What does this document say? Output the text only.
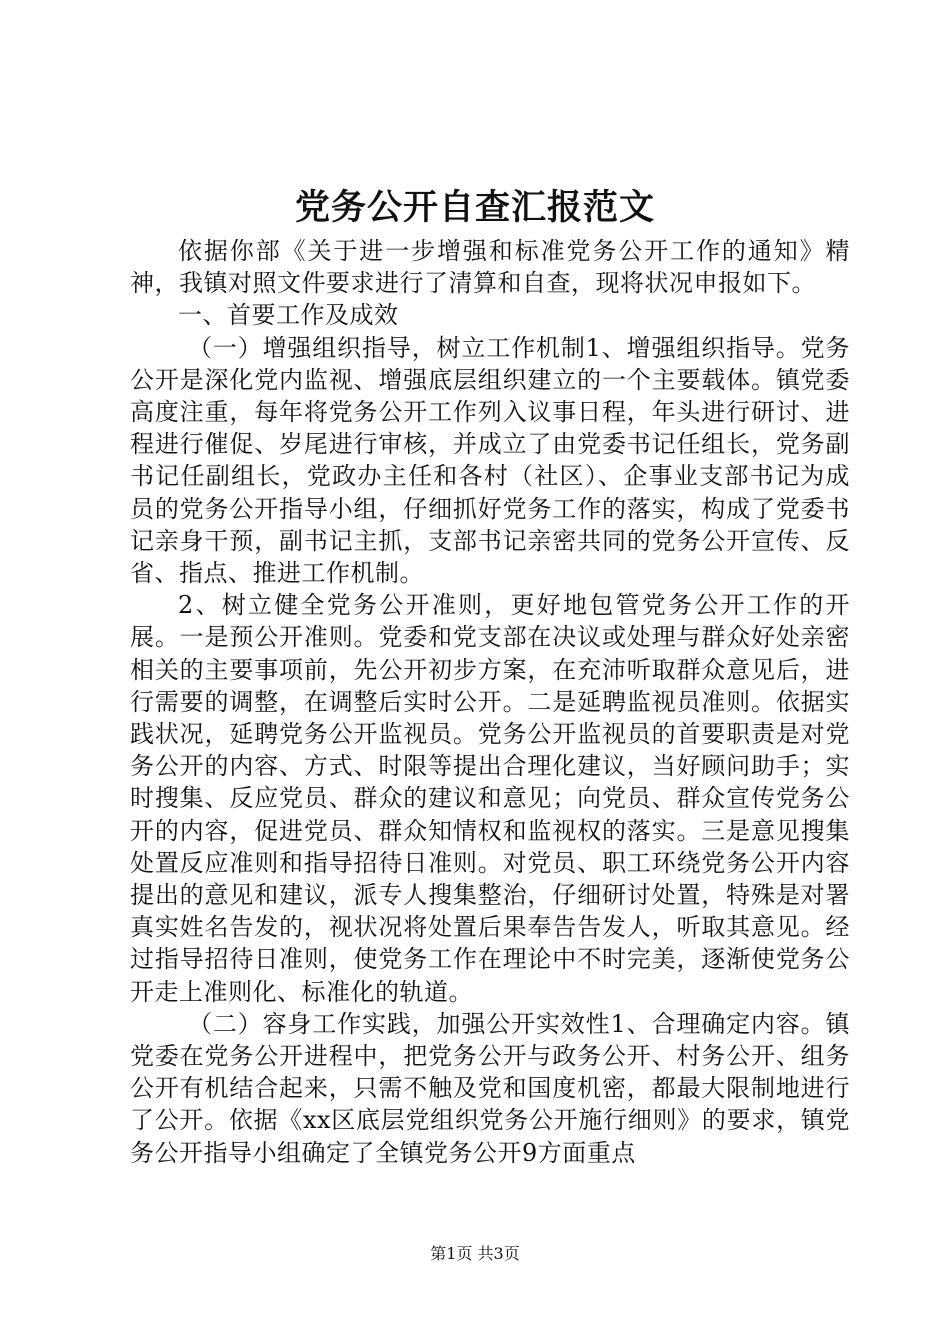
党务公开自查汇报范文

依据你部《关于进一步增强和标准党务公开工作的通知》精神，我镇对照文件要求进行了清算和自查，现将状况申报如下。

一、首要工作及成效

（一）增强组织指导，树立工作机制1、增强组织指导。党务公开是深化党内监视、增强底层组织建立的一个主要载体。镇党委高度注重，每年将党务公开工作列入议事日程，年头进行研讨、进程进行催促、岁尾进行审核，并成立了由党委书记任组长，党务副书记任副组长，党政办主任和各村（社区）、企事业支部书记为成员的党务公开指导小组，仔细抓好党务工作的落实，构成了党委书记亲身干预，副书记主抓，支部书记亲密共同的党务公开宣传、反省、指点、推进工作机制。

2、树立健全党务公开准则，更好地包管党务公开工作的开展。一是预公开准则。党委和党支部在决议或处理与群众好处亲密相关的主要事项前，先公开初步方案，在充沛听取群众意见后，进行需要的调整，在调整后实时公开。二是延聘监视员准则。依据实践状况，延聘党务公开监视员。党务公开监视员的首要职责是对党务公开的内容、方式、时限等提出合理化建议，当好顾问助手；实时搜集、反应党员、群众的建议和意见；向党员、群众宣传党务公开的内容，促进党员、群众知情权和监视权的落实。三是意见搜集处置反应准则和指导招待日准则。对党员、职工环绕党务公开内容提出的意见和建议，派专人搜集整治，仔细研讨处置，特殊是对署真实姓名告发的，视状况将处置后果奉告告发人，听取其意见。经过指导招待日准则，使党务工作在理论中不时完美，逐渐使党务公开走上准则化、标准化的轨道。

（二）容身工作实践，加强公开实效性1、合理确定内容。镇党委在党务公开进程中，把党务公开与政务公开、村务公开、组务公开有机结合起来，只需不触及党和国度机密，都最大限制地进行了公开。依据《xx区底层党组织党务公开施行细则》的要求，镇党务公开指导小组确定了全镇党务公开9方面重点

第1页 共3页
